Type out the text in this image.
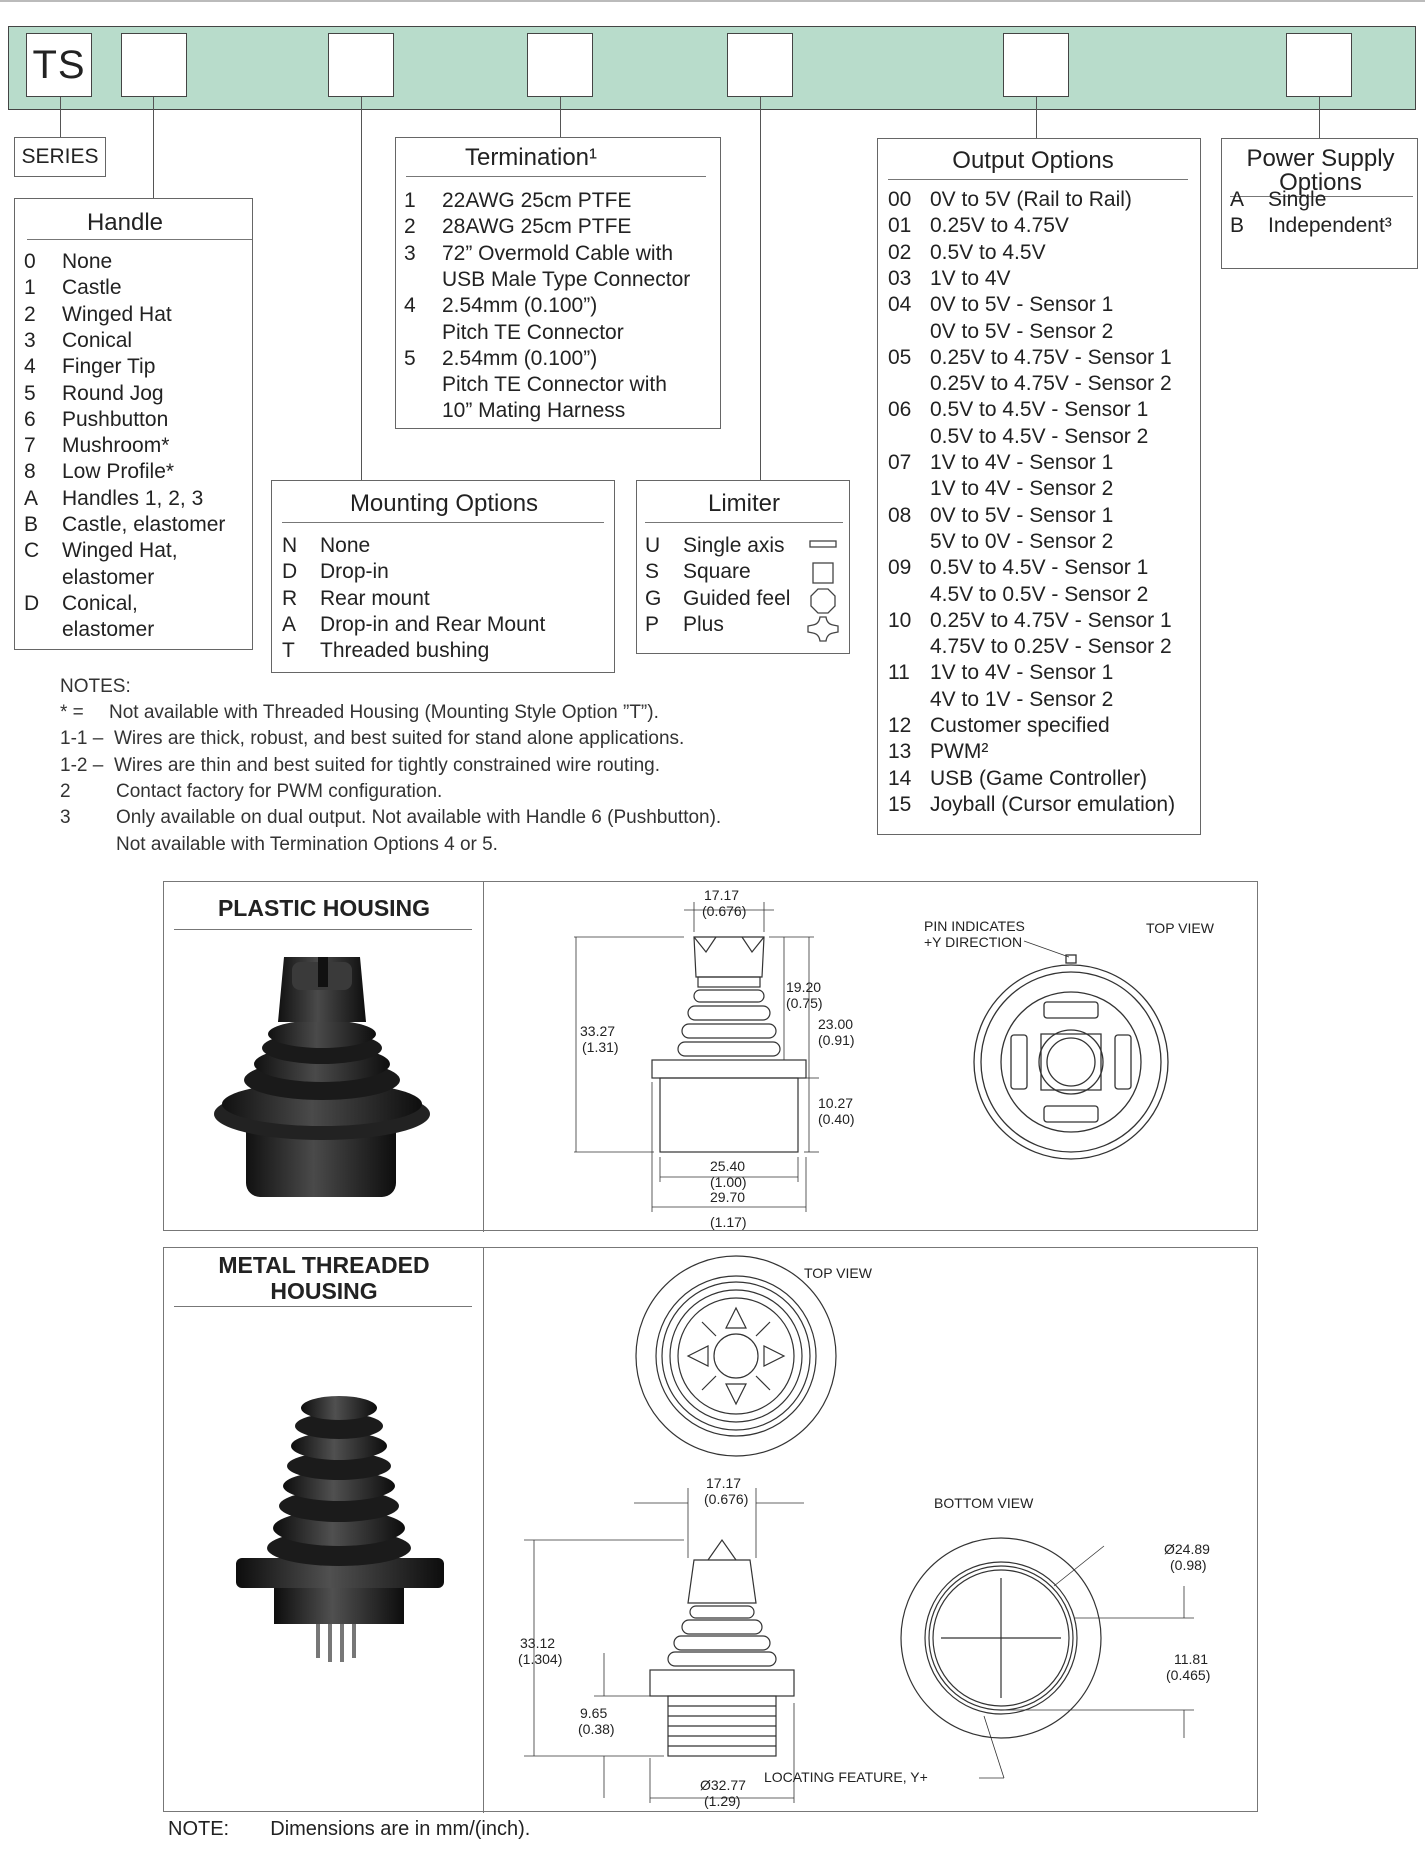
TS
SERIES
Handle
0 None
1 Castle
2 Winged Hat
3 Conical
4 Finger Tip
5 Round Jog
6 Pushbutton
7 Mushroom*
8 Low Profile*
A Handles 1, 2, 3
B Castle, elastomer
C Winged Hat,
elastomer
D Conical,
elastomer
Termination¹
1 22AWG 25cm PTFE
2 28AWG 25cm PTFE
3 72” Overmold Cable with
USB Male Type Connector
4 2.54mm (0.100”)
Pitch TE Connector
5 2.54mm (0.100”)
Pitch TE Connector with
10” Mating Harness
Mounting Options
N None
D Drop-in
R Rear mount
A Drop-in and Rear Mount
T Threaded bushing
Limiter
U Single axis
S Square
G Guided feel
P Plus
Output Options
00 0V to 5V (Rail to Rail)
01 0.25V to 4.75V
02 0.5V to 4.5V
03 1V to 4V
04 0V to 5V - Sensor 1
0V to 5V - Sensor 2
05 0.25V to 4.75V - Sensor 1
0.25V to 4.75V - Sensor 2
06 0.5V to 4.5V - Sensor 1
0.5V to 4.5V - Sensor 2
07 1V to 4V - Sensor 1
1V to 4V - Sensor 2
08 0V to 5V - Sensor 1
5V to 0V - Sensor 2
09 0.5V to 4.5V - Sensor 1
4.5V to 0.5V - Sensor 2
10 0.25V to 4.75V - Sensor 1
4.75V to 0.25V - Sensor 2
11 1V to 4V - Sensor 1
4V to 1V - Sensor 2
12 Customer specified
13 PWM²
14 USB (Game Controller)
15 Joyball (Cursor emulation)
Power Supply
Options
A Single
B Independent³
NOTES:
* = Not available with Threaded Housing (Mounting Style Option ”T”).
1-1 – Wires are thick, robust, and best suited for stand alone applications.
1-2 – Wires are thin and best suited for tightly constrained wire routing.
2 Contact factory for PWM configuration.
3 Only available on dual output. Not available with Handle 6 (Pushbutton).
Not available with Termination Options 4 or 5.
PLASTIC HOUSING	17.17
(0.676)
33.27
(1.31)
19.20
(0.75)
23.00
(0.91)
10.27
(0.40)
25.40
(1.00)
29.70
(1.17)
PIN INDICATES
+Y DIRECTION
TOP VIEW
METAL THREADED
HOUSING
TOP VIEW
17.17
(0.676)
33.12
(1.304)
9.65
(0.38)
Ø32.77
(1.29)
BOTTOM VIEW
Ø24.89
(0.98)
11.81
(0.465)
LOCATING FEATURE, Y+
NOTE: Dimensions are in mm/(inch).
